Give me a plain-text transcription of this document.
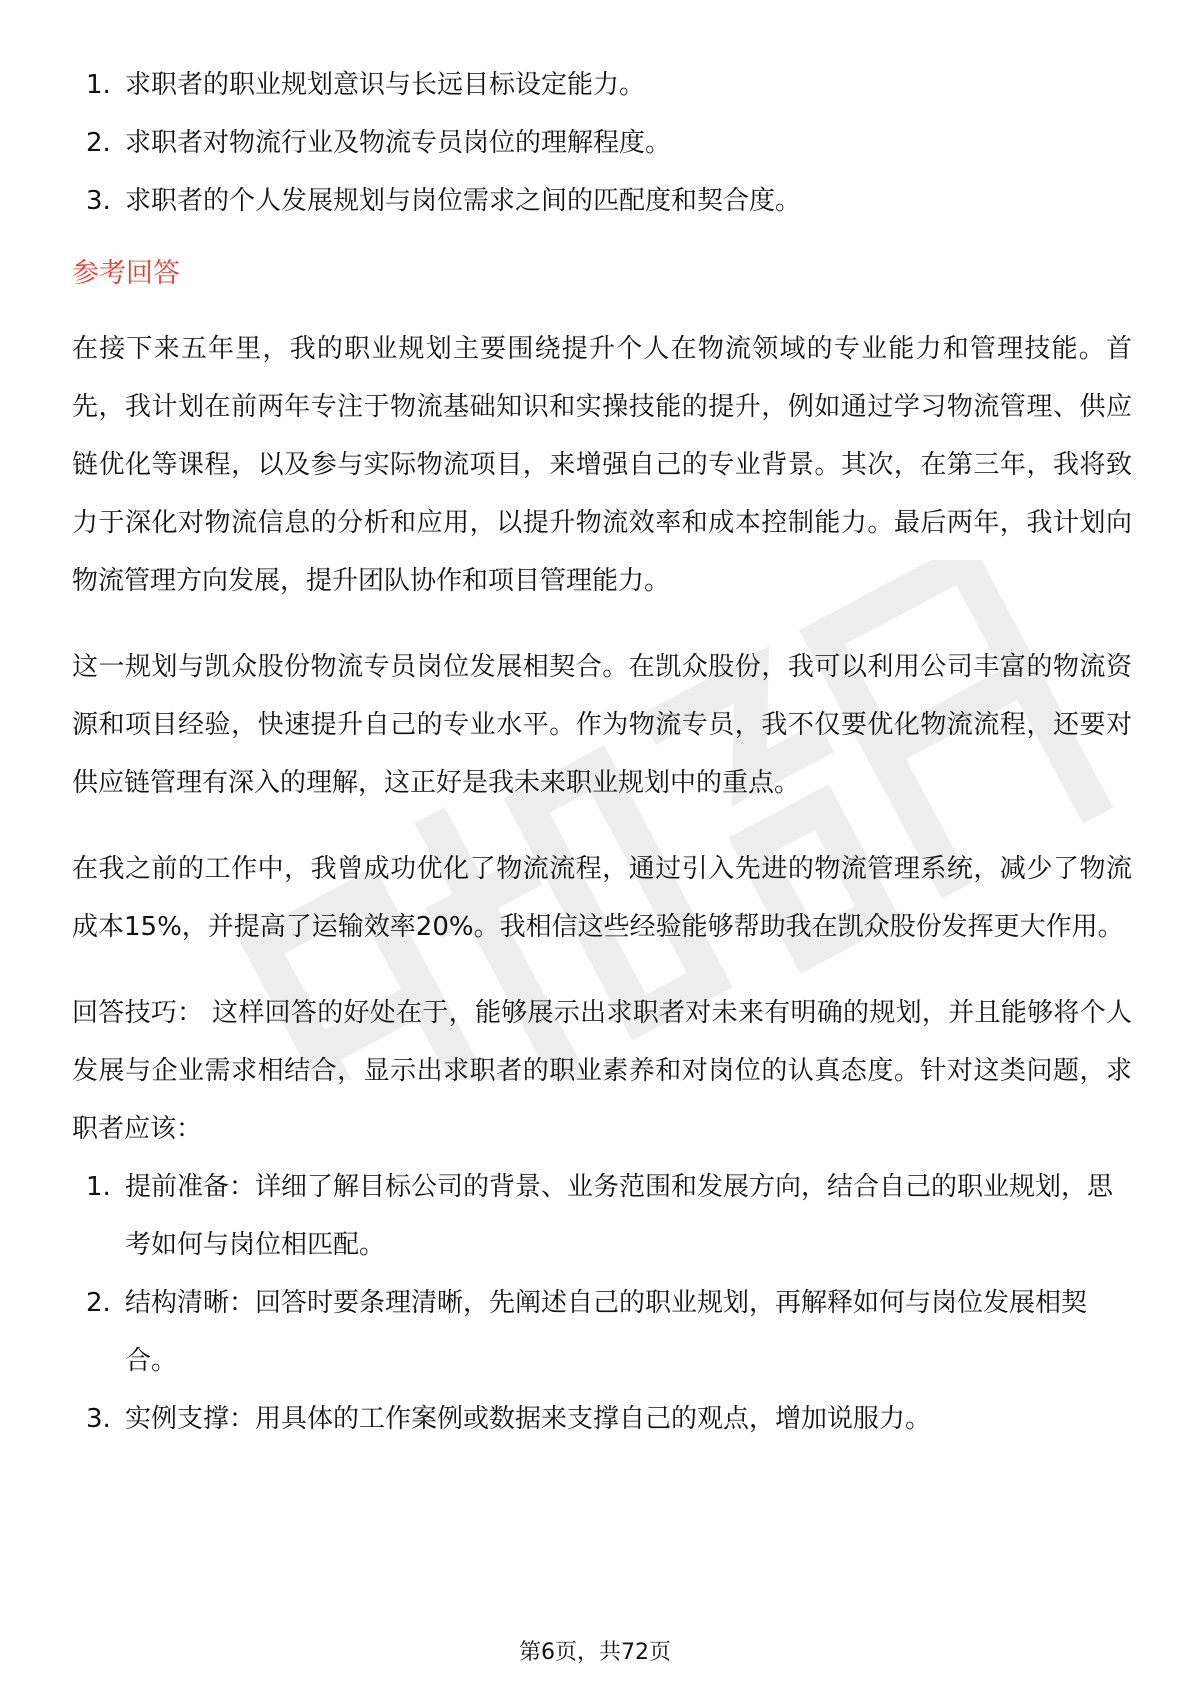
1. 求职者的职业规划意识与长远目标设定能力。
2. 求职者对物流行业及物流专员岗位的理解程度。
3. 求职者的个人发展规划与岗位需求之间的匹配度和契合度。
参考回答

在接下来五年里，我的职业规划主要围绕提升个人在物流领域的专业能力和管理技能。首先，我计划在前两年专注于物流基础知识和实操技能的提升，例如通过学习物流管理、供应链优化等课程，以及参与实际物流项目，来增强自己的专业背景。其次，在第三年，我将致力于深化对物流信息的分析和应用，以提升物流效率和成本控制能力。最后两年，我计划向物流管理方向发展，提升团队协作和项目管理能力。

这一规划与凯众股份物流专员岗位发展相契合。在凯众股份，我可以利用公司丰富的物流资源和项目经验，快速提升自己的专业水平。作为物流专员，我不仅要优化物流流程，还要对供应链管理有深入的理解，这正好是我未来职业规划中的重点。

在我之前的工作中，我曾成功优化了物流流程，通过引入先进的物流管理系统，减少了物流成本15%，并提高了运输效率20%。我相信这些经验能够帮助我在凯众股份发挥更大作用。

回答技巧： 这样回答的好处在于，能够展示出求职者对未来有明确的规划，并且能够将个人发展与企业需求相结合，显示出求职者的职业素养和对岗位的认真态度。针对这类问题，求职者应该：

1. 提前准备：详细了解目标公司的背景、业务范围和发展方向，结合自己的职业规划，思考如何与岗位相匹配。
2. 结构清晰：回答时要条理清晰，先阐述自己的职业规划，再解释如何与岗位发展相契合。
3. 实例支撑：用具体的工作案例或数据来支撑自己的观点，增加说服力。
第6页，共72页
